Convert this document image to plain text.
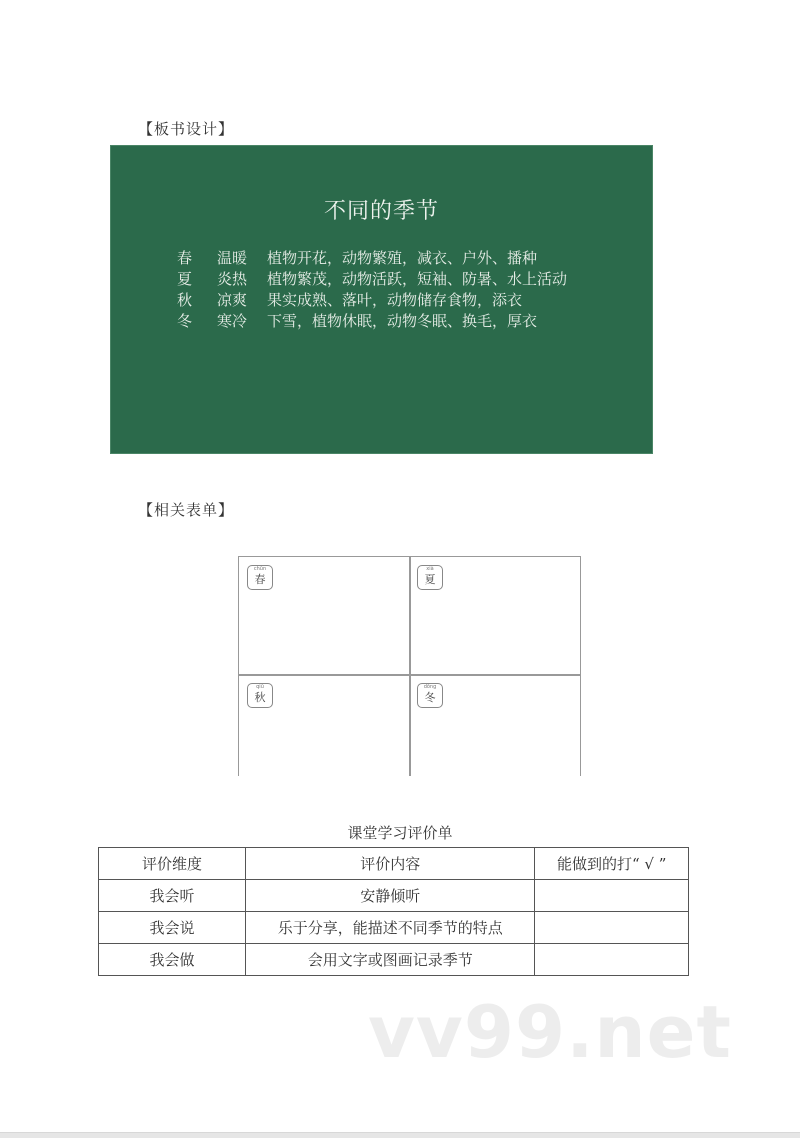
【板书设计】
不同的季节
春	温暖	植物开花，动物繁殖，减衣、户外、播种
夏	炎热	植物繁茂，动物活跃，短袖、防暑、水上活动
秋	凉爽	果实成熟、落叶，动物储存食物，添衣
冬	寒冷	下雪，植物休眠，动物冬眠、换毛，厚衣
【相关表单】
chūn
春
xià
夏
qiū
秋
dōng
冬
课堂学习评价单
评价维度	评价内容	能做到的打“ √ ”
我会听	安静倾听	
我会说	乐于分享，能描述不同季节的特点	
我会做	会用文字或图画记录季节	
vv99.net
